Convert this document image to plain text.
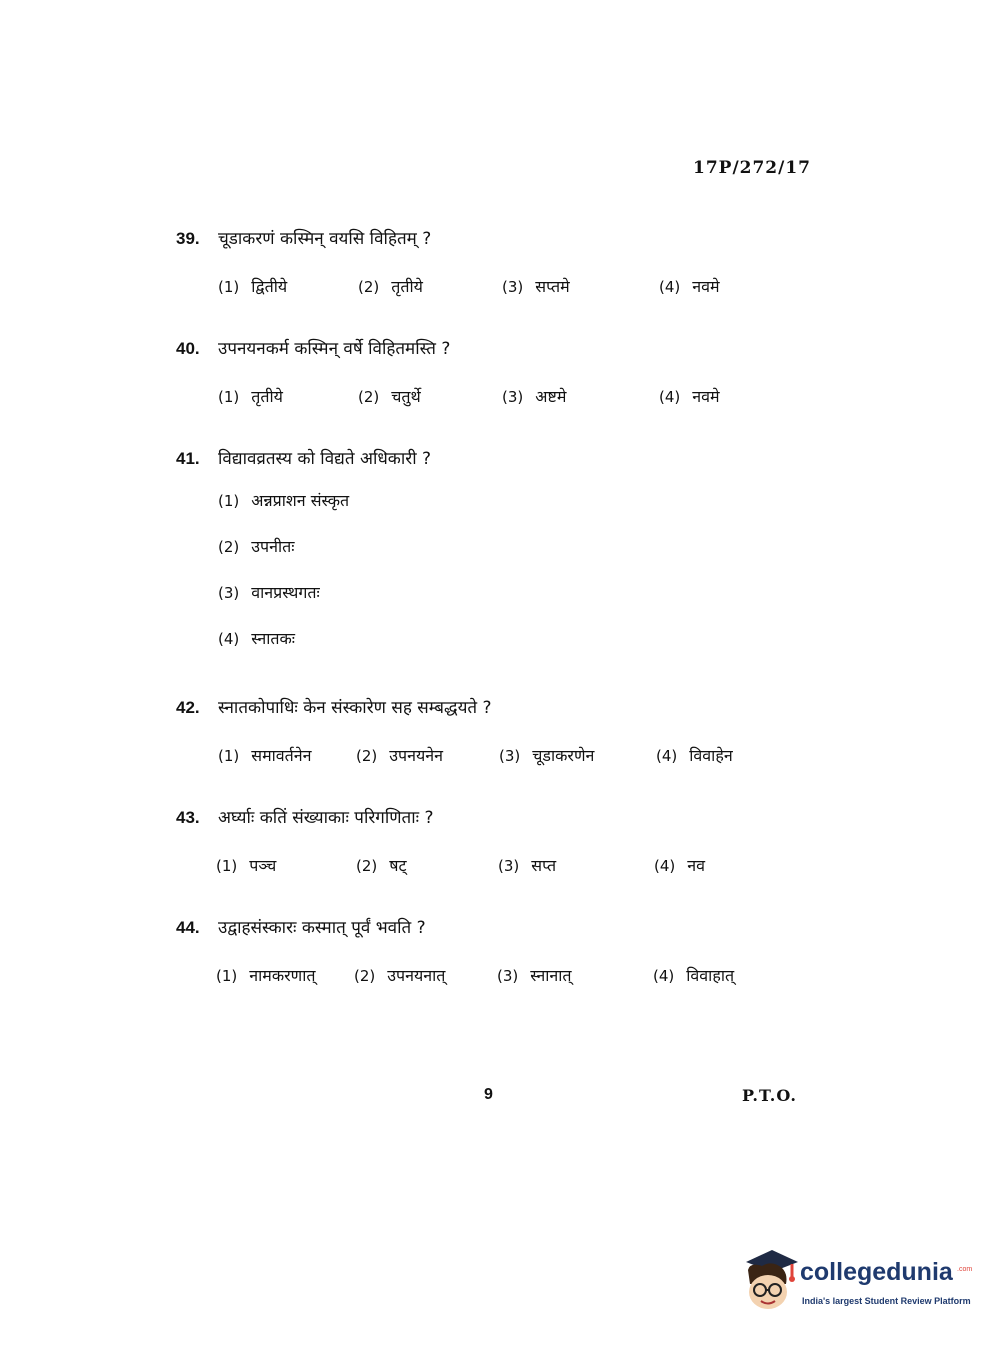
17P/272/17
39.	चूडाकरणं कस्मिन् वयसि विहितम् ?
(1) द्वितीये	(2) तृतीये	(3) सप्तमे	(4) नवमे
40.	उपनयनकर्म कस्मिन् वर्षे विहितमस्ति ?
(1) तृतीये	(2) चतुर्थे	(3) अष्टमे	(4) नवमे
41.	विद्यावव्रतस्य को विद्यते अधिकारी ?
(1) अन्नप्राशन संस्कृत
(2) उपनीतः
(3) वानप्रस्थगतः
(4) स्नातकः
42.	स्नातकोपाधिः केन संस्कारेण सह सम्बद्धयते ?
(1) समावर्तनेन	(2) उपनयनेन	(3) चूडाकरणेन	(4) विवाहेन
43.	अर्घ्याः कतिं संख्याकाः परिगणिताः ?
(1) पञ्च	(2) षट्	(3) सप्त	(4) नव
44.	उद्वाहसंस्कारः कस्मात् पूर्वं भवति ?
(1) नामकरणात्	(2) उपनयनात्	(3) स्नानात्	(4) विवाहात्
9	P.T.O.
collegedunia .com
India's largest Student Review Platform
